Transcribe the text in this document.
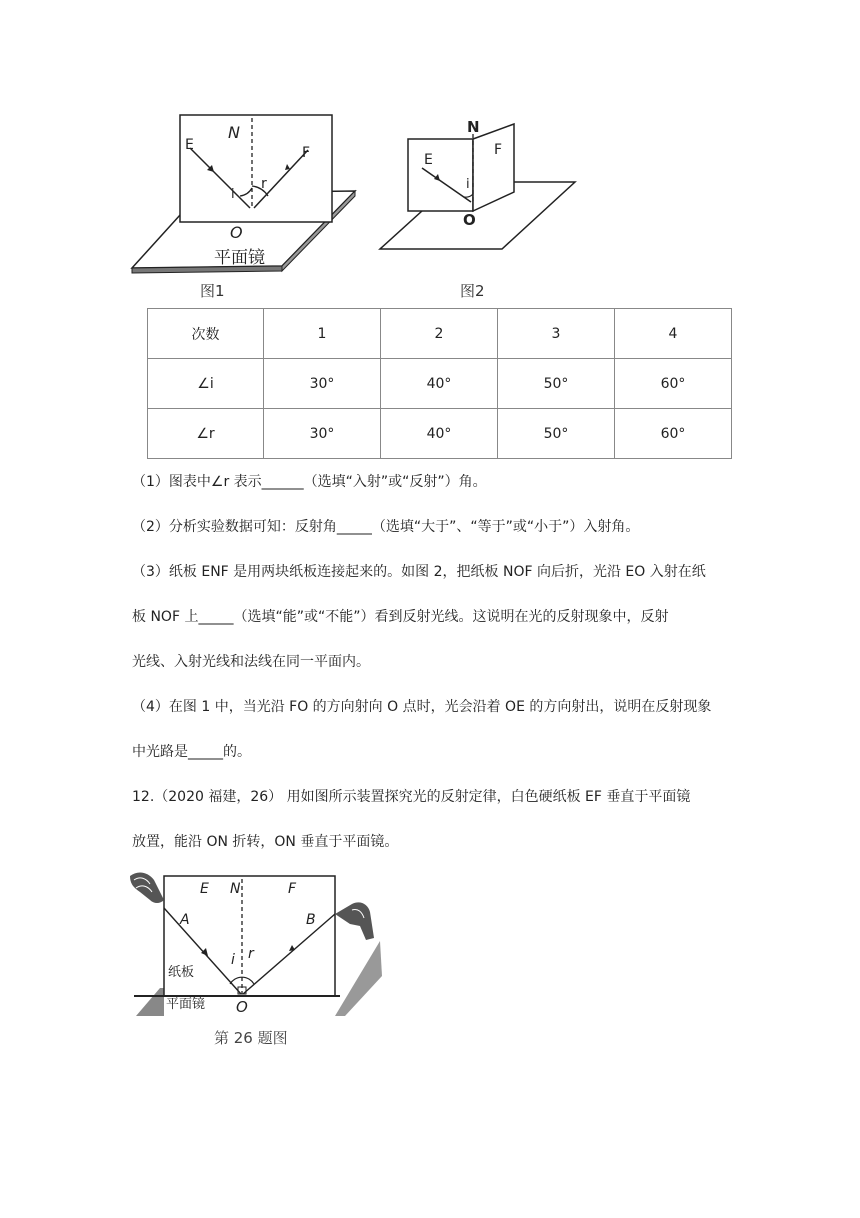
N
E	F
i
r
O
平面镜
图1
N
E
F
i
O
图2
次数	1	2	3	4
∠i	30°	40°	50°	60°
∠r	30°	40°	50°	60°
（1）图表中∠r 表示______（选填“入射”或“反射”）角。
（2）分析实验数据可知：反射角_____（选填“大于”、“等于”或“小于”）入射角。
（3）纸板 ENF 是用两块纸板连接起来的。如图 2，把纸板 NOF 向后折，光沿 EO 入射在纸
板 NOF 上_____（选填“能”或“不能”）看到反射光线。这说明在光的反射现象中，反射
光线、入射光线和法线在同一平面内。
（4）在图 1 中，当光沿 FO 的方向射向 O 点时，光会沿着 OE 的方向射出，说明在反射现象
中光路是_____的。
12.（2020 福建，26） 用如图所示装置探究光的反射定律，白色硬纸板 EF 垂直于平面镜
放置，能沿 ON 折转，ON 垂直于平面镜。
E N	F
A	B
i r
纸板
平面镜 O
第 26 题图
